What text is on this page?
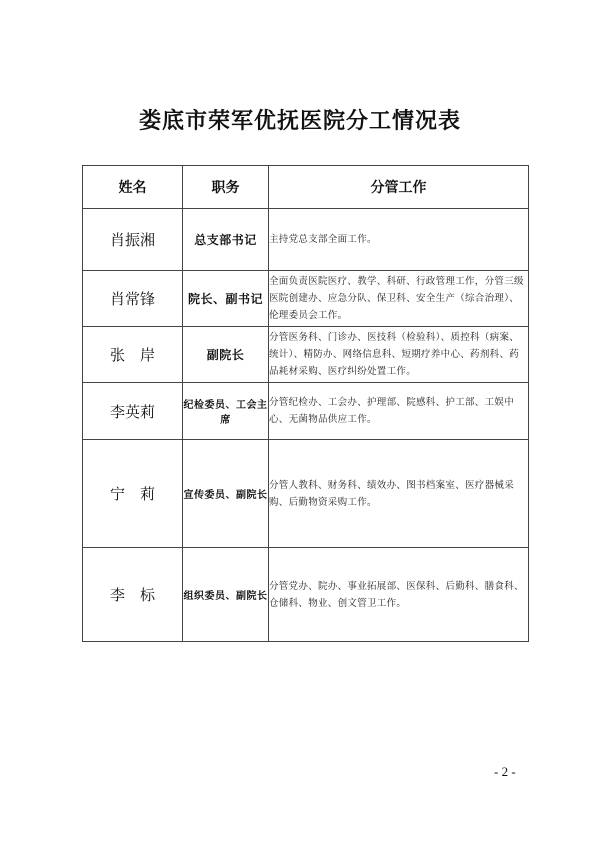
娄底市荣军优抚医院分工情况表
姓名	职务	分管工作
肖振湘	总支部书记	主持党总支部全面工作。
肖常锋	院长、副书记	全面负责医院医疗、教学、科研、行政管理工作，分管三级医院创建办、应急分队、保卫科、安全生产（综合治理）、伦理委员会工作。
张　岸	副院长	分管医务科、门诊办、医技科（检验科）、质控科（病案、统计）、精防办、网络信息科、短期疗养中心、药剂科、药品耗材采购、医疗纠纷处置工作。
李英莉	纪检委员、工会主席	分管纪检办、工会办、护理部、院感科、护工部、工娱中心、无菌物品供应工作。
宁　莉	宣传委员、副院长	分管人教科、财务科、绩效办、图书档案室、医疗器械采购、后勤物资采购工作。
李　标	组织委员、副院长	分管党办、院办、事业拓展部、医保科、后勤科、膳食科、仓储科、物业、创文管卫工作。
- 2 -
